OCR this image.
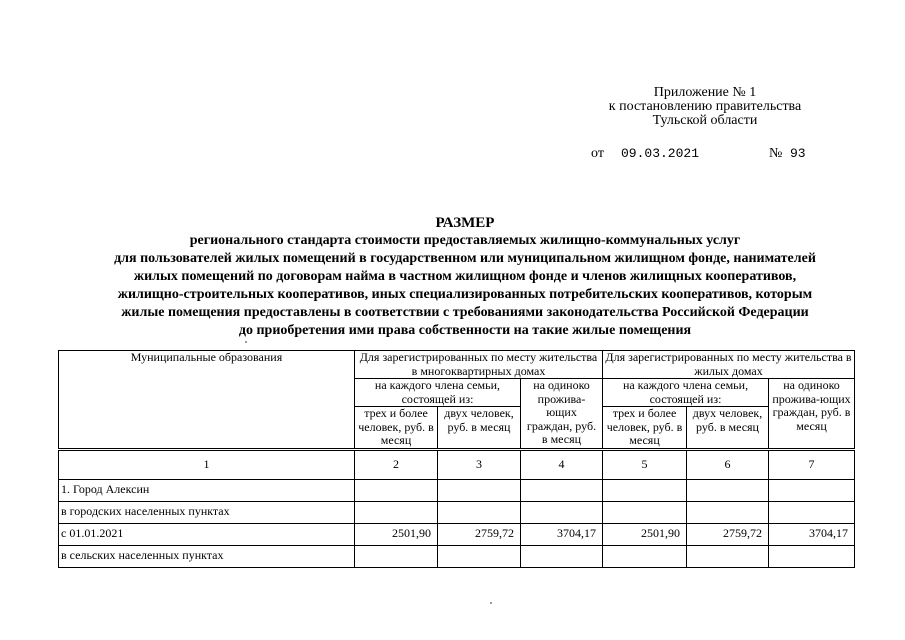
Приложение № 1
к постановлению правительства
Тульской области
от 09.03.2021	№ 93
РАЗМЕР
регионального стандарта стоимости предоставляемых жилищно-коммунальных услуг
для пользователей жилых помещений в государственном или муниципальном жилищном фонде, нанимателей
жилых помещений по договорам найма в частном жилищном фонде и членов жилищных кооперативов,
жилищно-строительных кооперативов, иных специализированных потребительских кооперативов, которым
жилые помещения предоставлены в соответствии с требованиями законодательства Российской Федерации
до приобретения ими права собственности на такие жилые помещения
Муниципальные образования	Для зарегистрированных по месту жительства в многоквартирных домах			Для зарегистрированных по месту жительства в жилых домах		
	на каждого члена семьи, состоящей из:		на одиноко прожива-ющих граждан, руб. в месяц	на каждого члена семьи, состоящей из:		на одиноко прожива-ющих граждан, руб. в месяц
	трех и более человек, руб. в месяц	двух человек, руб. в месяц		трех и более человек, руб. в месяц	двух человек, руб. в месяц	
1	2	3	4	5	6	7
1. Город Алексин						
в городских населенных пунктах						
с 01.01.2021	2501,90	2759,72	3704,17	2501,90	2759,72	3704,17
в сельских населенных пунктах						
